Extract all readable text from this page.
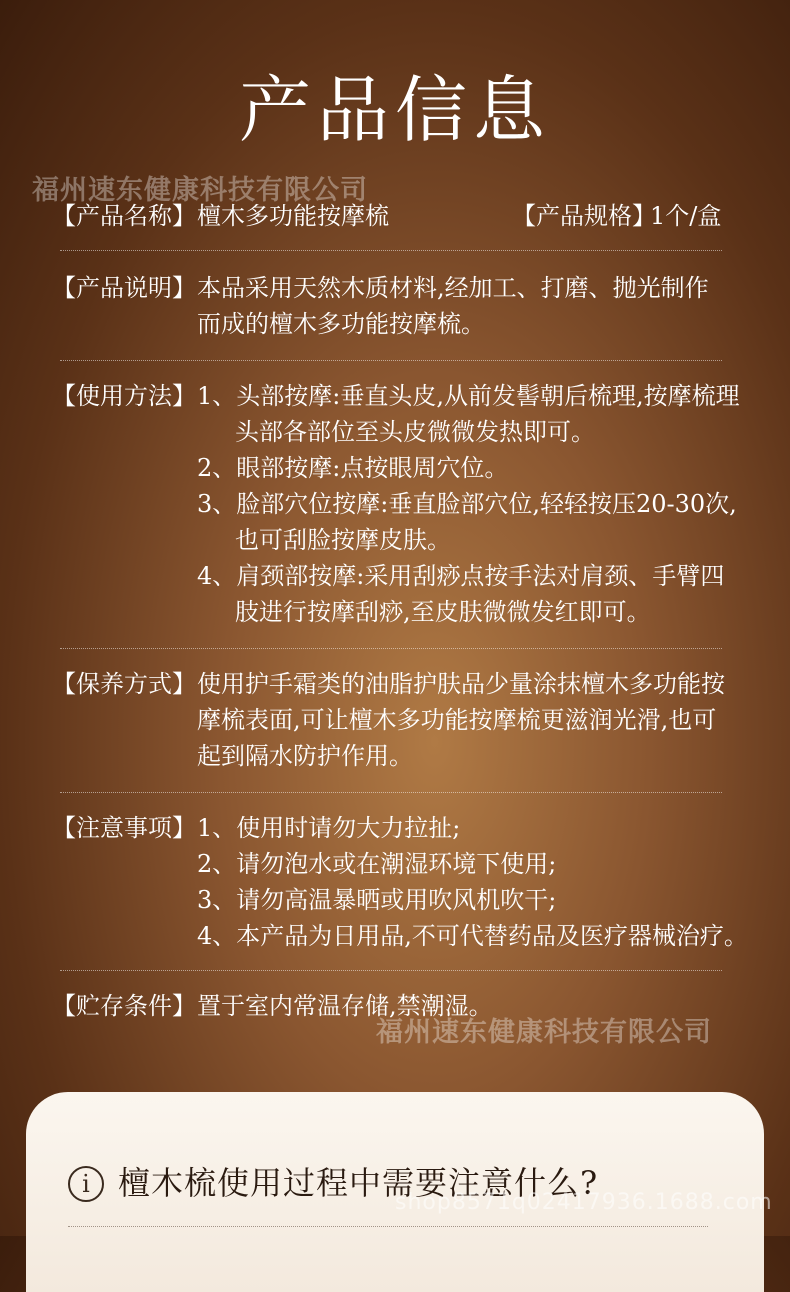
产品信息
福州速东健康科技有限公司
【产品名称】 檀木多功能按摩梳	【产品规格】
1个/盒
【产品说明】 本品采用天然木质材料,经加工、打磨、抛光制作
而成的檀木多功能按摩梳。
【使用方法】 1、头部按摩:垂直头皮,从前发髻朝后梳理,按摩梳理
头部各部位至头皮微微发热即可。
2、眼部按摩:点按眼周穴位。
3、脸部穴位按摩:垂直脸部穴位,轻轻按压20-30次,
也可刮脸按摩皮肤。
4、肩颈部按摩:采用刮痧点按手法对肩颈、手臂四
肢进行按摩刮痧,至皮肤微微发红即可。
【保养方式】 使用护手霜类的油脂护肤品少量涂抹檀木多功能按
摩梳表面,可让檀木多功能按摩梳更滋润光滑,也可
起到隔水防护作用。
【注意事项】 1、使用时请勿大力拉扯;
2、请勿泡水或在潮湿环境下使用;
3、请勿高温暴晒或用吹风机吹干;
4、本产品为日用品,不可代替药品及医疗器械治疗。
【贮存条件】 置于室内常温存储,禁潮湿。
福州速东健康科技有限公司
i 檀木梳使用过程中需要注意什么?
shop8571q02417936.1688.com
